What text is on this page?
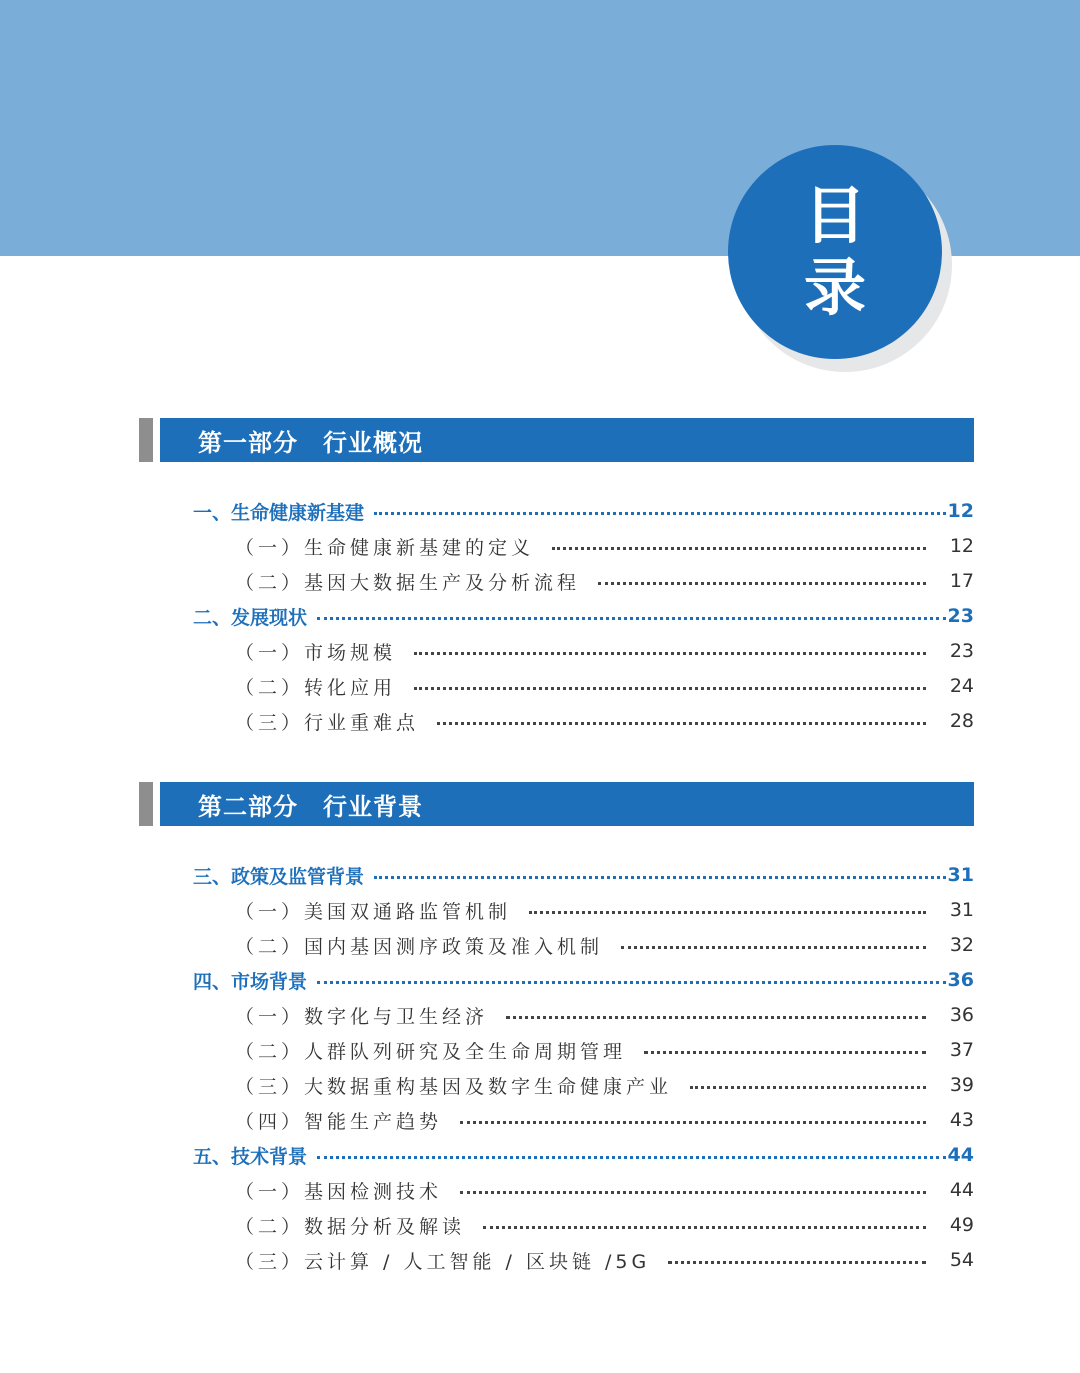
目
录
第一部分　行业概况
一、生命健康新基建	12
（一）生命健康新基建的定义	12
（二）基因大数据生产及分析流程	17
二、发展现状	23
（一）市场规模	23
（二）转化应用	24
（三）行业重难点	28
第二部分　行业背景
三、政策及监管背景	31
（一）美国双通路监管机制	31
（二）国内基因测序政策及准入机制	32
四、市场背景	36
（一）数字化与卫生经济	36
（二）人群队列研究及全生命周期管理	37
（三）大数据重构基因及数字生命健康产业	39
（四）智能生产趋势	43
五、技术背景	44
（一）基因检测技术	44
（二）数据分析及解读	49
（三）云计算 / 人工智能 / 区块链 /5G	54
